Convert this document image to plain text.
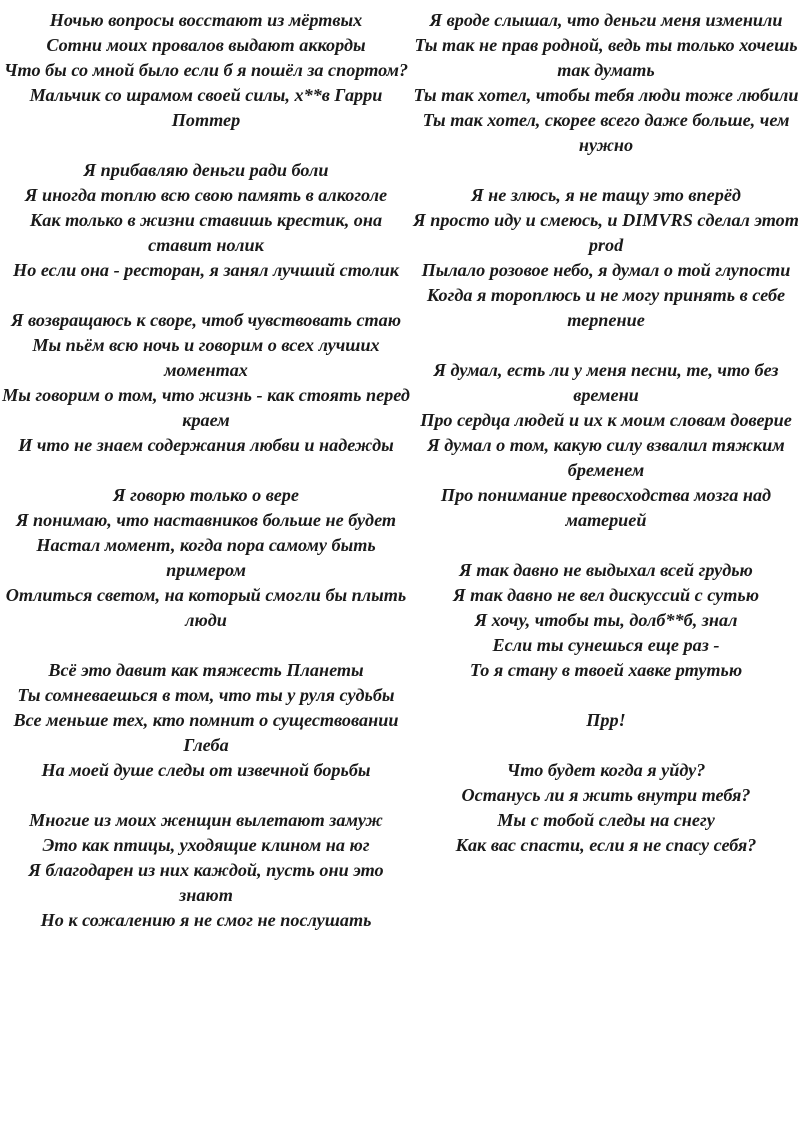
Ночью вопросы восстают из мёртвых
Сотни моих провалов выдают аккорды
Что бы со мной было если б я пошёл за спортом?
Мальчик со шрамом своей силы, х**в Гарри Поттер
Я прибавляю деньги ради боли
Я иногда топлю всю свою память в алкоголе
Как только в жизни ставишь крестик, она ставит нолик
Но если она - ресторан, я занял лучший столик
Я возвращаюсь к своре, чтоб чувствовать стаю
Мы пьём всю ночь и говорим о всех лучших моментах
Мы говорим о том, что жизнь - как стоять перед краем
И что не знаем содержания любви и надежды
Я говорю только о вере
Я понимаю, что наставников больше не будет
Настал момент, когда пора самому быть примером
Отлиться светом, на который смогли бы плыть люди
Всё это давит как тяжесть Планеты
Ты сомневаешься в том, что ты у руля судьбы
Все меньше тех, кто помнит о существовании Глеба
На моей душе следы от извечной борьбы
Многие из моих женщин вылетают замуж
Это как птицы, уходящие клином на юг
Я благодарен из них каждой, пусть они это знают
Но к сожалению я не смог не послушать
Я вроде слышал, что деньги меня изменили
Ты так не прав родной, ведь ты только хочешь так думать
Ты так хотел, чтобы тебя люди тоже любили
Ты так хотел, скорее всего даже больше, чем нужно
Я не злюсь, я не тащу это вперёд
Я просто иду и смеюсь, и DIMVRS сделал этот prod
Пылало розовое небо, я думал о той глупости
Когда я тороплюсь и не могу принять в себе терпение
Я думал, есть ли у меня песни, те, что без времени
Про сердца людей и их к моим словам доверие
Я думал о том, какую силу взвалил тяжким бременем
Про понимание превосходства мозга над материей
Я так давно не выдыхал всей грудью
Я так давно не вел дискуссий с сутью
Я хочу, чтобы ты, долб**б, знал
Если ты сунешься еще раз -
То я стану в твоей хавке ртутью
Прр!
Что будет когда я уйду?
Останусь ли я жить внутри тебя?
Мы с тобой следы на снегу
Как вас спасти, если я не спасу себя?
